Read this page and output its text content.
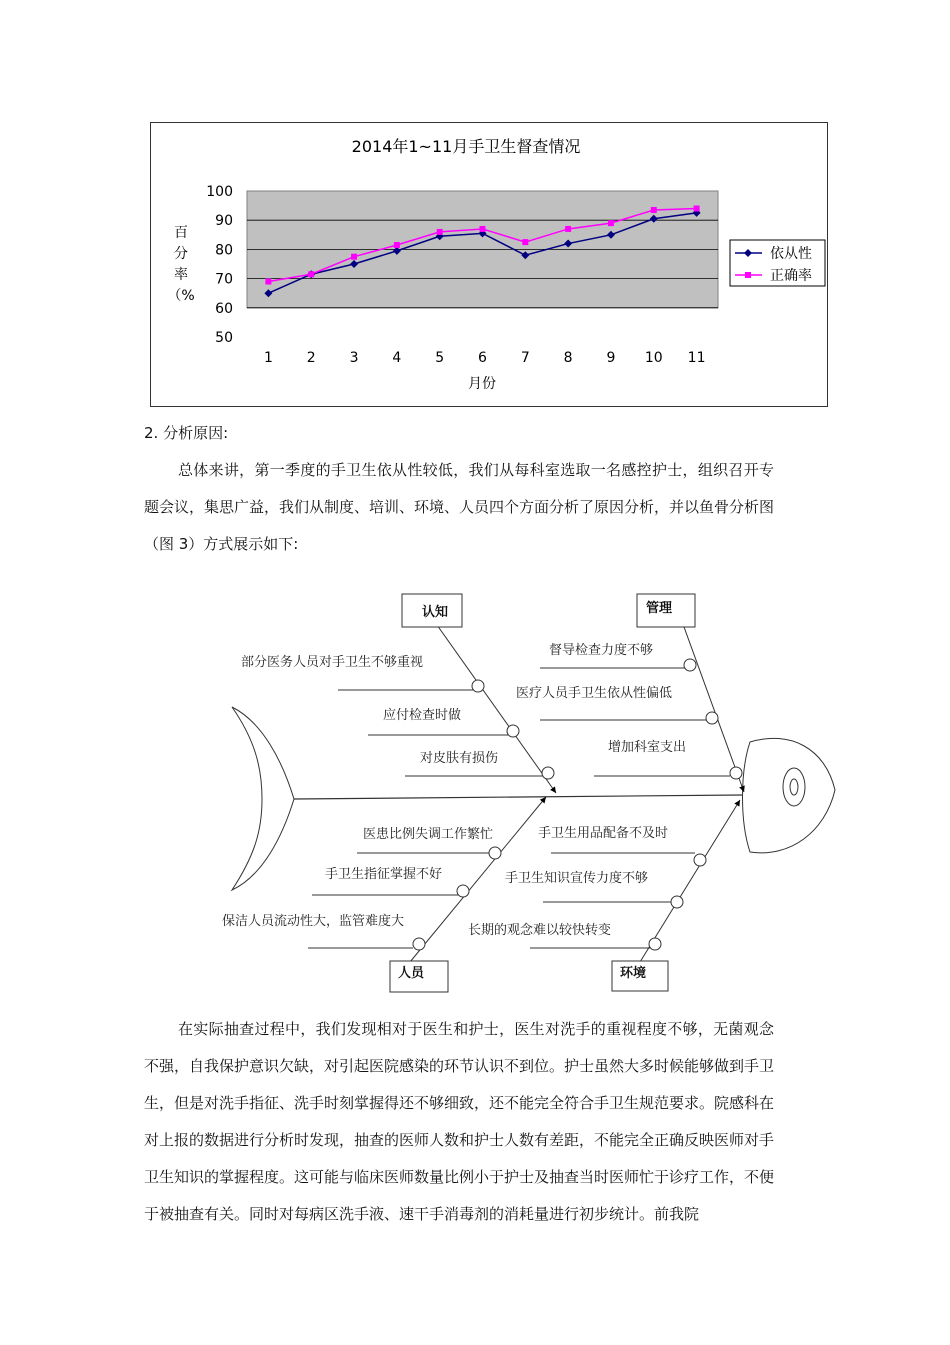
2014年1~11月手卫生督查情况
百
分
率
（%
50
60
70
80
90
100
1 2 3 4 5 6 7 8 9 10 11
月份
依从性
正确率
2. 分析原因:
总体来讲，第一季度的手卫生依从性较低，我们从每科室选取一名感控护士，组织召开专题会议，集思广益，我们从制度、培训、环境、人员四个方面分析了原因分析，并以鱼骨分析图（图 3）方式展示如下:
认知
部分医务人员对手卫生不够重视
应付检查时做
对皮肤有损伤
管理
督导检查力度不够
医疗人员手卫生依从性偏低
增加科室支出
人员
医患比例失调工作繁忙
手卫生指征掌握不好
保洁人员流动性大，监管难度大
环境
手卫生用品配备不及时
手卫生知识宣传力度不够
长期的观念难以较快转变
在实际抽查过程中，我们发现相对于医生和护士，医生对洗手的重视程度不够，无菌观念不强，自我保护意识欠缺，对引起医院感染的环节认识不到位。护士虽然大多时候能够做到手卫生，但是对洗手指征、洗手时刻掌握得还不够细致，还不能完全符合手卫生规范要求。院感科在对上报的数据进行分析时发现，抽查的医师人数和护士人数有差距，不能完全正确反映医师对手卫生知识的掌握程度。这可能与临床医师数量比例小于护士及抽查当时医师忙于诊疗工作，不便于被抽查有关。同时对每病区洗手液、速干手消毒剂的消耗量进行初步统计。前我院
